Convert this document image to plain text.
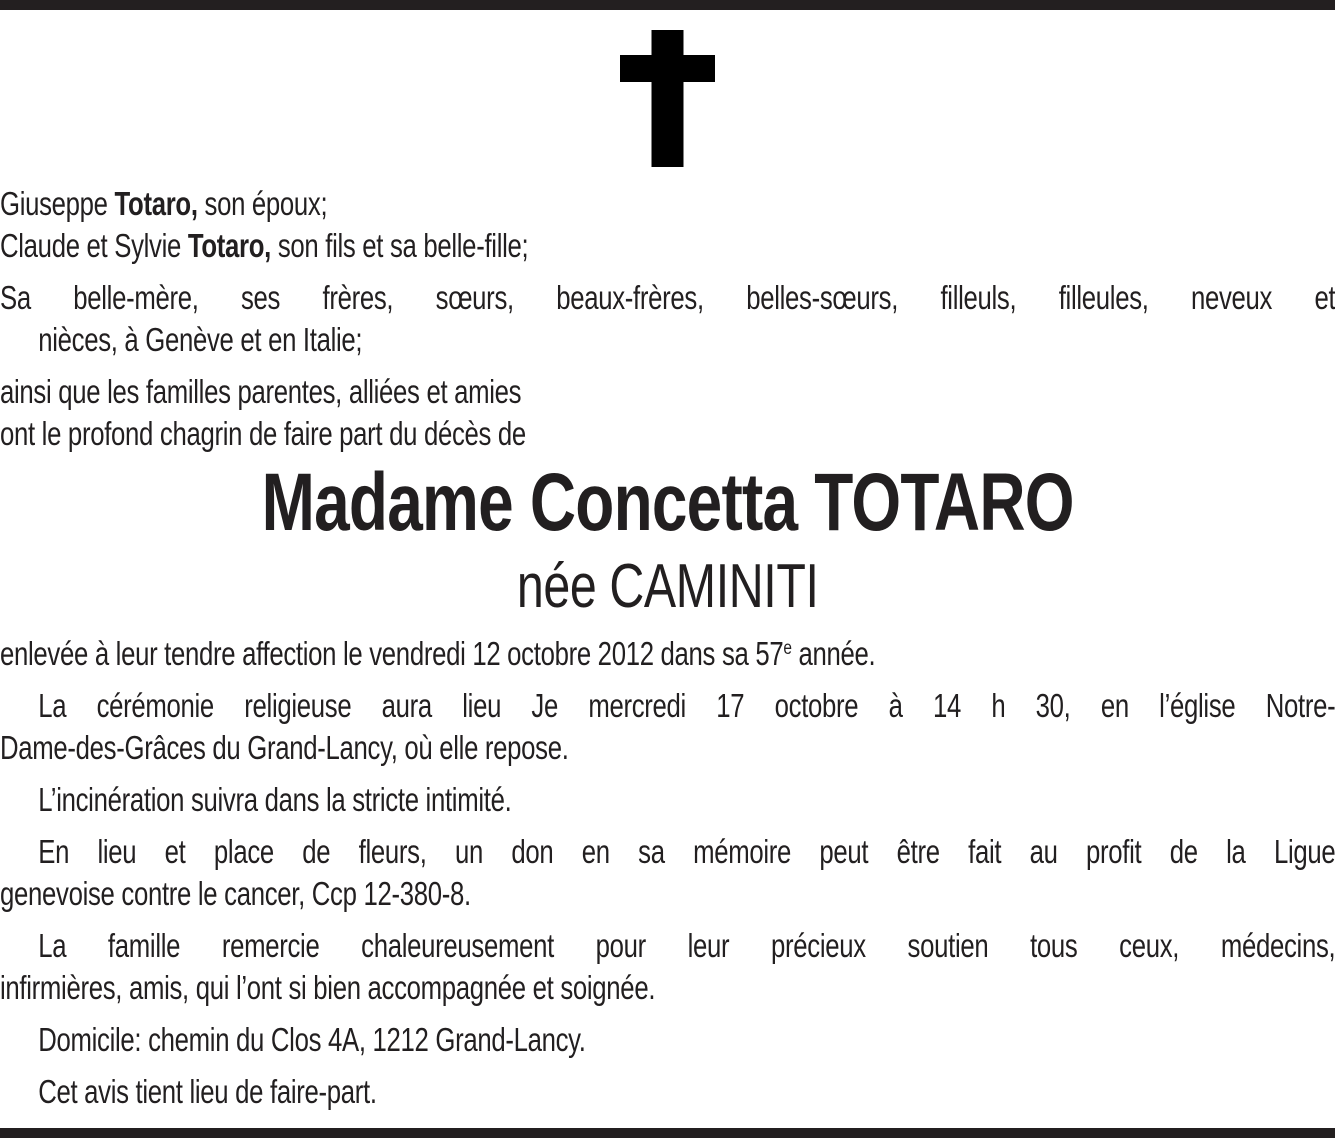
Giuseppe Totaro, son époux;
Claude et Sylvie Totaro, son fils et sa belle-fille;
Sa belle-mère, ses frères, sœurs, beaux-frères, belles-sœurs, filleuls, filleules, neveux et
nièces, à Genève et en Italie;
ainsi que les familles parentes, alliées et amies
ont le profond chagrin de faire part du décès de
Madame Concetta TOTARO
née CAMINITI
enlevée à leur tendre affection le vendredi 12 octobre 2012 dans sa 57e année.
La cérémonie religieuse aura lieu Je mercredi 17 octobre à 14 h 30, en l’église Notre-
Dame-des-Grâces du Grand-Lancy, où elle repose.
L’incinération suivra dans la stricte intimité.
En lieu et place de fleurs, un don en sa mémoire peut être fait au profit de la Ligue
genevoise contre le cancer, Ccp 12-380-8.
La famille remercie chaleureusement pour leur précieux soutien tous ceux, médecins,
infirmières, amis, qui l’ont si bien accompagnée et soignée.
Domicile: chemin du Clos 4A, 1212 Grand-Lancy.
Cet avis tient lieu de faire-part.
